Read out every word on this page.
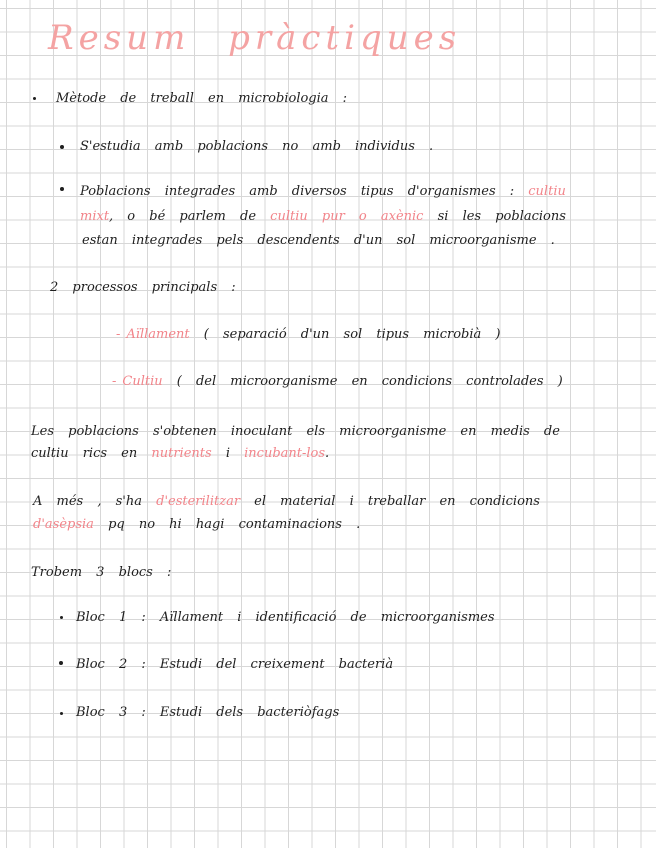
Resum pràctiques
Mètode de treball en microbiologia :
S'estudia amb poblacions no amb individus .
Poblacions integrades amb diversos tipus d'organismes : cultiu
mixt, o bé parlem de cultiu pur o axènic si les poblacions
estan integrades pels descendents d'un sol microorganisme .
2 processos principals :
- Aïllament ( separació d'un sol tipus microbià )
- Cultiu ( del microorganisme en condicions controlades )
Les poblacions s'obtenen inoculant els microorganisme en medis de
cultiu rics en nutrients i incubant-los.
A més , s'ha d'esterilitzar el material i treballar en condicions
d'asèpsia pq no hi hagi contaminacions .
Trobem 3 blocs :
Bloc 1 : Aïllament i identificació de microorganismes
Bloc 2 : Estudi del creixement bacterià
Bloc 3 : Estudi dels bacteriòfags
